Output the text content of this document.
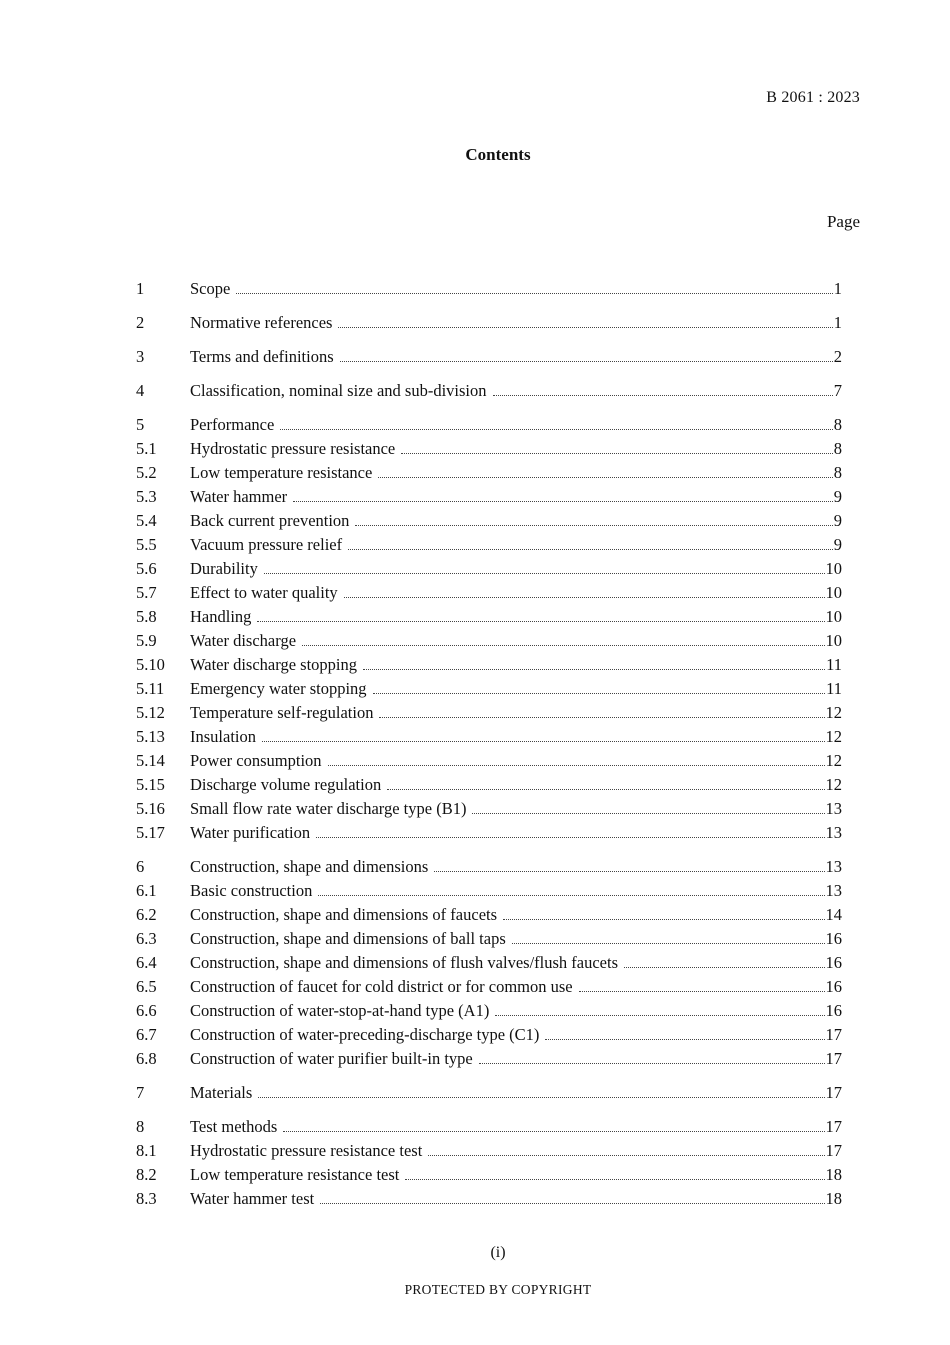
B 2061 : 2023
Contents
Page
1	Scope	1
2	Normative references	1
3	Terms and definitions	2
4	Classification, nominal size and sub-division	7
5	Performance	8
5.1	Hydrostatic pressure resistance	8
5.2	Low temperature resistance	8
5.3	Water hammer	9
5.4	Back current prevention	9
5.5	Vacuum pressure relief	9
5.6	Durability	10
5.7	Effect to water quality	10
5.8	Handling	10
5.9	Water discharge	10
5.10	Water discharge stopping	11
5.11	Emergency water stopping	11
5.12	Temperature self-regulation	12
5.13	Insulation	12
5.14	Power consumption	12
5.15	Discharge volume regulation	12
5.16	Small flow rate water discharge type (B1)	13
5.17	Water purification	13
6	Construction, shape and dimensions	13
6.1	Basic construction	13
6.2	Construction, shape and dimensions of faucets	14
6.3	Construction, shape and dimensions of ball taps	16
6.4	Construction, shape and dimensions of flush valves/flush faucets	16
6.5	Construction of faucet for cold district or for common use	16
6.6	Construction of water-stop-at-hand type (A1)	16
6.7	Construction of water-preceding-discharge type (C1)	17
6.8	Construction of water purifier built-in type	17
7	Materials	17
8	Test methods	17
8.1	Hydrostatic pressure resistance test	17
8.2	Low temperature resistance test	18
8.3	Water hammer test	18
(i)
PROTECTED BY COPYRIGHT
